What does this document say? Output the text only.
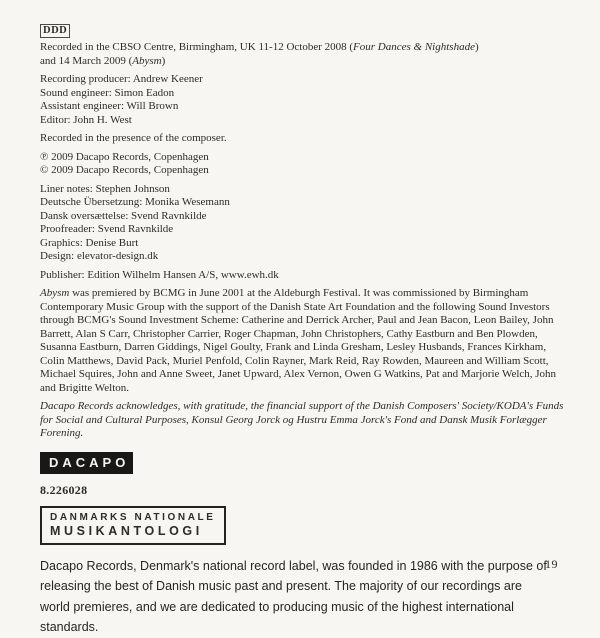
DDD

Recorded in the CBSO Centre, Birmingham, UK 11-12 October 2008 (Four Dances & Nightshade)

and 14 March 2009 (Abysm)

Recording producer: Andrew Keener

Sound engineer: Simon Eadon

Assistant engineer: Will Brown

Editor: John H. West

Recorded in the presence of the composer.

℗ 2009 Dacapo Records, Copenhagen

© 2009 Dacapo Records, Copenhagen

Liner notes: Stephen Johnson

Deutsche Übersetzung: Monika Wesemann

Dansk oversættelse: Svend Ravnkilde

Proofreader: Svend Ravnkilde

Graphics: Denise Burt

Design: elevator-design.dk

Publisher: Edition Wilhelm Hansen A/S, www.ewh.dk

Abysm was premiered by BCMG in June 2001 at the Aldeburgh Festival. It was commissioned by Birmingham Contemporary Music Group with the support of the Danish State Art Foundation and the following Sound Investors through BCMG's Sound Investment Scheme: Catherine and Derrick Archer, Paul and Jean Bacon, Leon Bailey, John Barrett, Alan S Carr, Christopher Carrier, Roger Chapman, John Christophers, Cathy Eastburn and Ben Plowden, Susanna Eastburn, Darren Giddings, Nigel Goulty, Frank and Linda Gresham, Lesley Husbands, Frances Kirkham, Colin Matthews, David Pack, Muriel Penfold, Colin Rayner, Mark Reid, Ray Rowden, Maureen and William Scott, Michael Squires, John and Anne Sweet, Janet Upward, Alex Vernon, Owen G Watkins, Pat and Marjorie Welch, John and Brigitte Welton.

Dacapo Records acknowledges, with gratitude, the financial support of the Danish Composers' Society/KODA's Funds for Social and Cultural Purposes, Konsul Georg Jorck og Hustru Emma Jorck's Fond and Dansk Musik Forlægger Forening.

DACAPO

8.226028

DANMARKS NATIONALE
MUSIKANTOLOGI

Dacapo Records, Denmark's national record label, was founded in 1986 with the purpose of releasing the best of Danish music past and present. The majority of our recordings are world premieres, and we are dedicated to producing music of the highest international standards.

19
